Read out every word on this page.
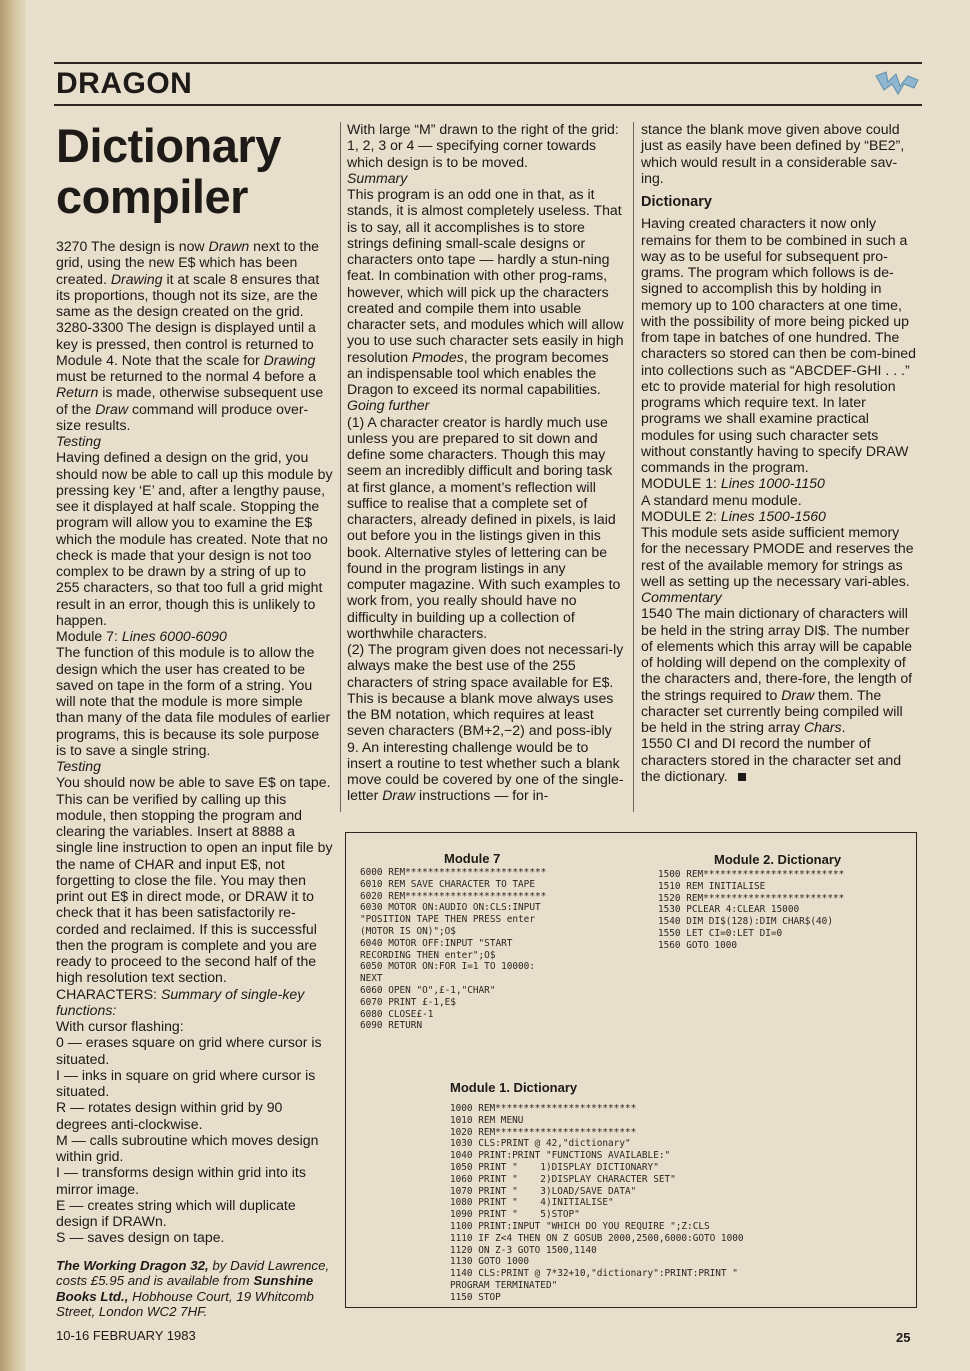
DRAGON
Dictionary compiler

3270 The design is now Drawn next to the grid, using the new E$ which has been created. Drawing it at scale 8 ensures that its proportions, though not its size, are the same as the design created on the grid.

3280-3300 The design is displayed until a key is pressed, then control is returned to Module 4. Note that the scale for Drawing must be returned to the normal 4 before a Return is made, otherwise subsequent use of the Draw command will produce over-size results.

Testing

Having defined a design on the grid, you should now be able to call up this module by pressing key ‘E’ and, after a lengthy pause, see it displayed at half scale. Stopping the program will allow you to examine the E$ which the module has created. Note that no check is made that your design is not too complex to be drawn by a string of up to 255 characters, so that too full a grid might result in an error, though this is unlikely to happen.

Module 7: Lines 6000-6090

The function of this module is to allow the design which the user has created to be saved on tape in the form of a string. You will note that the module is more simple than many of the data file modules of earlier programs, this is because its sole purpose is to save a single string.

Testing

You should now be able to save E$ on tape. This can be verified by calling up this module, then stopping the program and clearing the variables. Insert at 8888 a single line instruction to open an input file by the name of CHAR and input E$, not forgetting to close the file. You may then print out E$ in direct mode, or DRAW it to check that it has been satisfactorily re-corded and reclaimed. If this is successful then the program is complete and you are ready to proceed to the second half of the high resolution text section.

CHARACTERS: Summary of single-key functions:

With cursor flashing:

0 — erases square on grid where cursor is situated.

I — inks in square on grid where cursor is situated.

R — rotates design within grid by 90 degrees anti-clockwise.

M — calls subroutine which moves design within grid.

I — transforms design within grid into its mirror image.

E — creates string which will duplicate design if DRAWn.

S — saves design on tape.

The Working Dragon 32, by David Lawrence, costs £5.95 and is available from Sunshine Books Ltd., Hobhouse Court, 19 Whitcomb Street, London WC2 7HF.

With large “M” drawn to the right of the grid: 1, 2, 3 or 4 — specifying corner towards which design is to be moved.

Summary

This program is an odd one in that, as it stands, it is almost completely useless. That is to say, all it accomplishes is to store strings defining small-scale designs or characters onto tape — hardly a stun-ning feat. In combination with other prog-rams, however, which will pick up the characters created and compile them into usable character sets, and modules which will allow you to use such character sets easily in high resolution Pmodes, the program becomes an indispensable tool which enables the Dragon to exceed its normal capabilities.

Going further

(1) A character creator is hardly much use unless you are prepared to sit down and define some characters. Though this may seem an incredibly difficult and boring task at first glance, a moment’s reflection will suffice to realise that a complete set of characters, already defined in pixels, is laid out before you in the listings given in this book. Alternative styles of lettering can be found in the program listings in any computer magazine. With such examples to work from, you really should have no difficulty in building up a collection of worthwhile characters.

(2) The program given does not necessari-ly always make the best use of the 255 characters of string space available for E$. This is because a blank move always uses the BM notation, which requires at least seven characters (BM+2,−2) and poss-ibly 9. An interesting challenge would be to insert a routine to test whether such a blank move could be covered by one of the single-letter Draw instructions — for in-

stance the blank move given above could just as easily have been defined by “BE2”, which would result in a considerable sav-ing.

Dictionary

Having created characters it now only remains for them to be combined in such a way as to be useful for subsequent pro-grams. The program which follows is de-signed to accomplish this by holding in memory up to 100 characters at one time, with the possibility of more being picked up from tape in batches of one hundred. The characters so stored can then be com-bined into collections such as “ABCDEF-GHI . . .” etc to provide material for high resolution programs which require text. In later programs we shall examine practical modules for using such character sets without constantly having to specify DRAW commands in the program.

MODULE 1: Lines 1000-1150

A standard menu module.

MODULE 2: Lines 1500-1560

This module sets aside sufficient memory for the necessary PMODE and reserves the rest of the available memory for strings as well as setting up the necessary vari-ables.

Commentary

1540 The main dictionary of characters will be held in the string array DI$. The number of elements which this array will be capable of holding will depend on the complexity of the characters and, there-fore, the length of the strings required to Draw them. The character set currently being compiled will be held in the string array Chars.

1550 CI and DI record the number of characters stored in the character set and the dictionary.

Module 7
6000 REM*************************
6010 REM SAVE CHARACTER TO TAPE
6020 REM*************************
6030 MOTOR ON:AUDIO ON:CLS:INPUT
"POSITION TAPE THEN PRESS enter
(MOTOR IS ON)";O$
6040 MOTOR OFF:INPUT "START
RECORDING THEN enter";O$
6050 MOTOR ON:FOR I=1 TO 10000:
NEXT
6060 OPEN "O",£-1,"CHAR"
6070 PRINT £-1,E$
6080 CLOSE£-1
6090 RETURN
Module 2. Dictionary
1500 REM*************************
1510 REM INITIALISE
1520 REM*************************
1530 PCLEAR 4:CLEAR 15000
1540 DIM DI$(128):DIM CHAR$(40)
1550 LET CI=0:LET DI=0
1560 GOTO 1000
Module 1. Dictionary
1000 REM*************************
1010 REM MENU
1020 REM*************************
1030 CLS:PRINT @ 42,"dictionary"
1040 PRINT:PRINT "FUNCTIONS AVAILABLE:"
1050 PRINT "    1)DISPLAY DICTIONARY"
1060 PRINT "    2)DISPLAY CHARACTER SET"
1070 PRINT "    3)LOAD/SAVE DATA"
1080 PRINT "    4)INITIALISE"
1090 PRINT "    5)STOP"
1100 PRINT:INPUT "WHICH DO YOU REQUIRE ";Z:CLS
1110 IF Z<4 THEN ON Z GOSUB 2000,2500,6000:GOTO 1000
1120 ON Z-3 GOTO 1500,1140
1130 GOTO 1000
1140 CLS:PRINT @ 7*32+10,"dictionary":PRINT:PRINT "
PROGRAM TERMINATED"
1150 STOP
10-16 FEBRUARY 1983	25
